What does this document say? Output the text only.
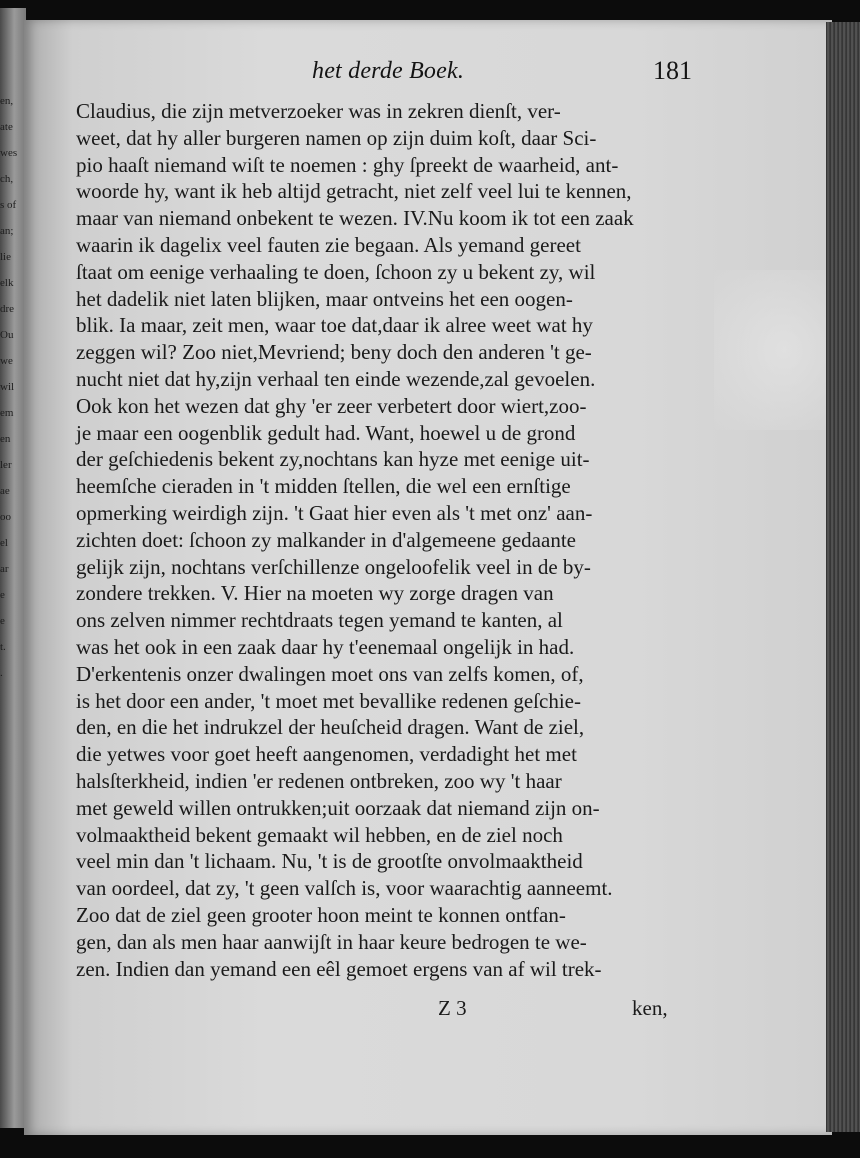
en,
ate
wes
ch,
s of
an;
lie
elk
dre
Ou
we
wil
em
en
ler
ae
oo
el
ar
e
e
t.
.
het derde Boek.	181
Claudius, die zijn metverzoeker was in zekren dienſt, ver-
weet, dat hy aller burgeren namen op zijn duim koſt, daar Sci-
pio haaſt niemand wiſt te noemen : ghy ſpreekt de waarheid, ant-
woorde hy, want ik heb altijd getracht, niet zelf veel lui te kennen,
maar van niemand onbekent te wezen. IV.Nu koom ik tot een zaak
waarin ik dagelix veel fauten zie begaan. Als yemand gereet
ſtaat om eenige verhaaling te doen, ſchoon zy u bekent zy, wil
het dadelik niet laten blijken, maar ontveins het een oogen-
blik. Ia maar, zeit men, waar toe dat,daar ik alree weet wat hy
zeggen wil? Zoo niet,Mevriend; beny doch den anderen 't ge-
nucht niet dat hy,zijn verhaal ten einde wezende,zal gevoelen.
Ook kon het wezen dat ghy 'er zeer verbetert door wiert,zoo-
je maar een oogenblik gedult had. Want, hoewel u de grond
der geſchiedenis bekent zy,nochtans kan hyze met eenige uit-
heemſche cieraden in 't midden ſtellen, die wel een ernſtige
opmerking weirdigh zijn. 't Gaat hier even als 't met onz' aan-
zichten doet: ſchoon zy malkander in d'algemeene gedaante
gelijk zijn, nochtans verſchillenze ongeloofelik veel in de by-
zondere trekken. V. Hier na moeten wy zorge dragen van
ons zelven nimmer rechtdraats tegen yemand te kanten, al
was het ook in een zaak daar hy t'eenemaal ongelijk in had.
D'erkentenis onzer dwalingen moet ons van zelfs komen, of,
is het door een ander, 't moet met bevallike redenen geſchie-
den, en die het indrukzel der heuſcheid dragen. Want de ziel,
die yetwes voor goet heeft aangenomen, verdadight het met
halsſterkheid, indien 'er redenen ontbreken, zoo wy 't haar
met geweld willen ontrukken;uit oorzaak dat niemand zijn on-
volmaaktheid bekent gemaakt wil hebben, en de ziel noch
veel min dan 't lichaam. Nu, 't is de grootſte onvolmaaktheid
van oordeel, dat zy, 't geen valſch is, voor waarachtig aanneemt.
Zoo dat de ziel geen grooter hoon meint te konnen ontfan-
gen, dan als men haar aanwijſt in haar keure bedrogen te we-
zen. Indien dan yemand een eêl gemoet ergens van af wil trek-
Z 3	ken,
